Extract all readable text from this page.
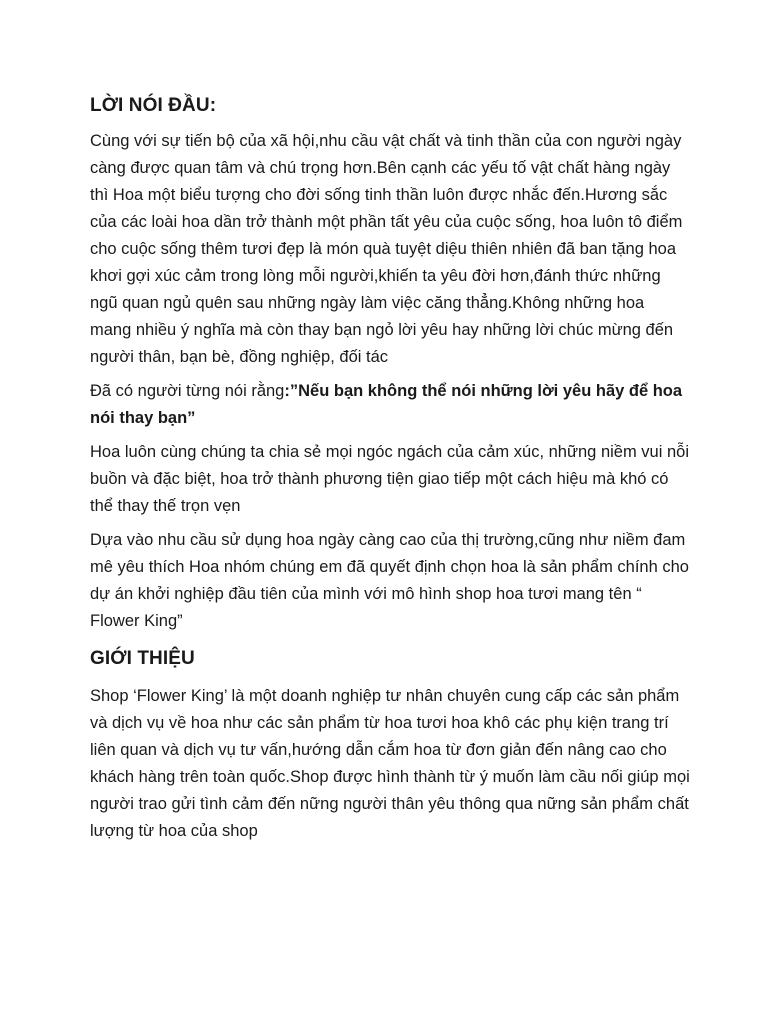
LỜI NÓI ĐẦU:

Cùng với sự tiến bộ của xã hội,nhu cầu vật chất và tinh thần của con người ngày càng được quan tâm và chú trọng hơn.Bên cạnh các yếu tố vật chất hàng ngày thì Hoa một biểu tượng cho đời sống tinh thần luôn được nhắc đến.Hương sắc của các loài hoa dần trở thành một phần tất yêu của cuộc sống, hoa luôn tô điểm cho cuộc sống thêm tươi đẹp là món quà tuyệt diệu thiên nhiên đã ban tặng hoa khơi gợi xúc cảm trong lòng mỗi người,khiến ta yêu đời hơn,đánh thức những ngũ quan ngủ quên sau những ngày làm việc căng thẳng.Không những hoa mang nhiều ý nghĩa mà còn thay bạn ngỏ lời yêu hay những lời chúc mừng đến người thân, bạn bè, đồng nghiệp, đối tác

Đã có người từng nói rằng:”Nếu bạn không thể nói những lời yêu hãy để hoa nói thay bạn”

Hoa luôn cùng chúng ta chia sẻ mọi ngóc ngách của cảm xúc, những niềm vui nỗi buồn và đặc biệt, hoa trở thành phương tiện giao tiếp một cách hiệu mà khó có thể thay thế trọn vẹn

Dựa vào nhu cầu sử dụng hoa ngày càng cao của thị trường,cũng như niềm đam mê yêu thích Hoa nhóm chúng em đã quyết định chọn hoa là sản phẩm chính cho dự án khởi nghiệp đầu tiên của mình với mô hình shop hoa tươi mang tên “ Flower King”

GIỚI THIỆU

Shop ‘Flower King’ là một doanh nghiệp tư nhân chuyên cung cấp các sản phẩm và dịch vụ về hoa như các sản phẩm từ hoa tươi hoa khô các phụ kiện trang trí liên quan và dịch vụ tư vấn,hướng dẫn cắm hoa từ đơn giản đến nâng cao cho khách hàng trên toàn quốc.Shop được hình thành từ ý muốn làm cầu nối giúp mọi người trao gửi tình cảm đến nững người thân yêu thông qua nững sản phẩm chất lượng từ hoa của shop
